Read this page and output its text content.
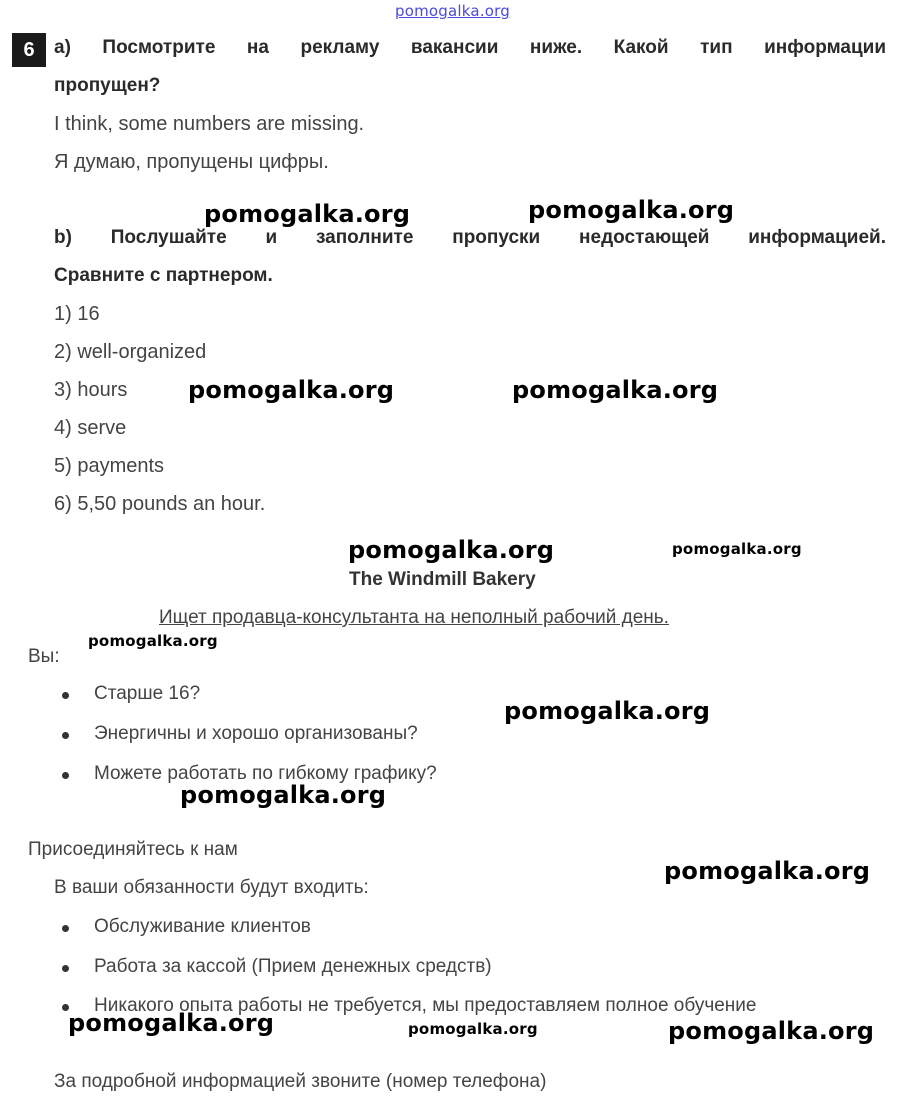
pomogalka.org
pomogalka.org	pomogalka.org
pomogalka.org	pomogalka.org
pomogalka.org	pomogalka.org
pomogalka.org
pomogalka.org
pomogalka.org
pomogalka.org
pomogalka.org	pomogalka.org	pomogalka.org
6	a) Посмотрите на рекламу вакансии ниже. Какой тип информации
пропущен?
I think, some numbers are missing.
Я думаю, пропущены цифры.
b) Послушайте и заполните пропуски недостающей информацией.
Сравните с партнером.
1) 16
2) well-organized
3) hours
4) serve
5) payments
6) 5,50 pounds an hour.
The Windmill Bakery
Ищет продавца-консультанта на неполный рабочий день.
Вы:
Старше 16?
Энергичны и хорошо организованы?
Можете работать по гибкому графику?
Присоединяйтесь к нам
В ваши обязанности будут входить:
Обслуживание клиентов
Работа за кассой (Прием денежных средств)
Никакого опыта работы не требуется, мы предоставляем полное обучение
За подробной информацией звоните (номер телефона)
